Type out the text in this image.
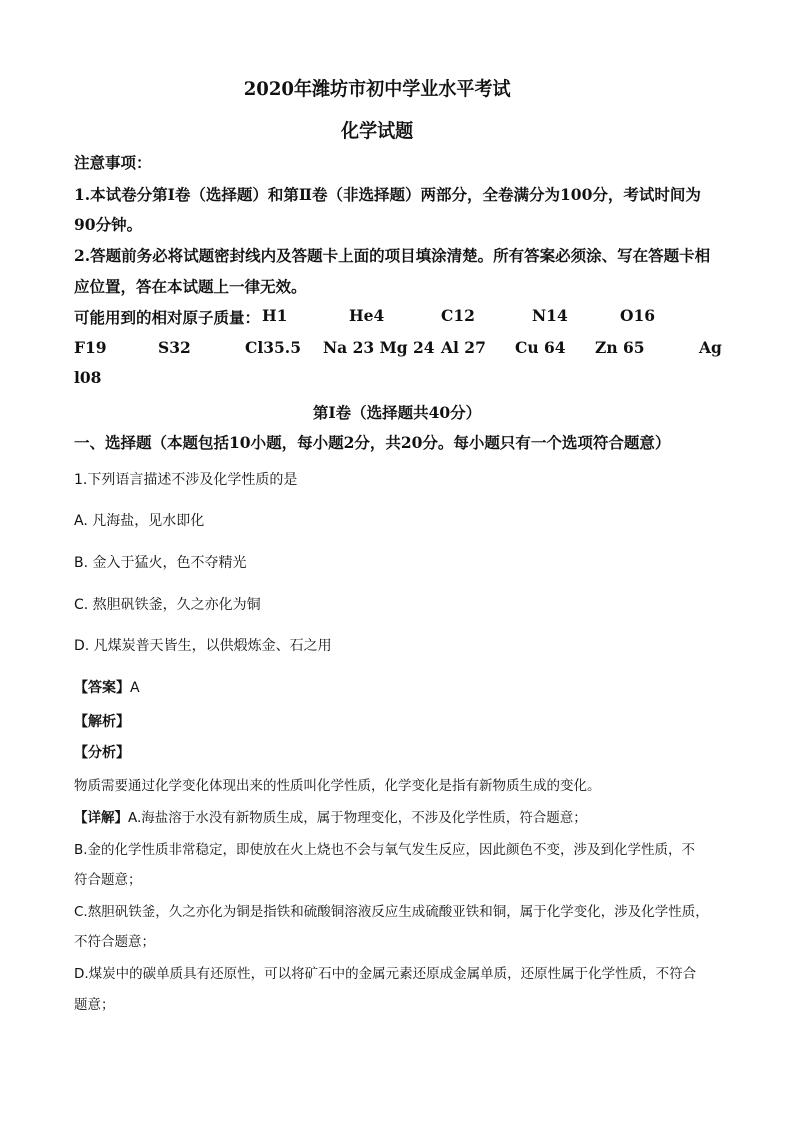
2020年潍坊市初中学业水平考试
化学试题
注意事项：
1.本试卷分第Ⅰ卷（选择题）和第Ⅱ卷（非选择题）两部分，全卷满分为100分，考试时间为
90分钟。
2.答题前务必将试题密封线内及答题卡上面的项目填涂清楚。所有答案必须涂、写在答题卡相
应位置，答在本试题上一律无效。
可能用到的相对原子质量： H1	He4	C12	N14	O16
F19	S32	Cl35.5 Na 23 Mg 24 Al 27 Cu 64 Zn 65	Ag
l08
第Ⅰ卷（选择题共40分）
一、选择题（本题包括10小题，每小题2分，共20分。每小题只有一个选项符合题意）
1.下列语言描述不涉及化学性质的是
A. 凡海盐，见水即化
B. 金入于猛火，色不夺精光
C. 熬胆矾铁釜，久之亦化为铜
D. 凡煤炭普天皆生，以供煅炼金、石之用
【答案】A
【解析】
【分析】
物质需要通过化学变化体现出来的性质叫化学性质，化学变化是指有新物质生成的变化。
【详解】A.海盐溶于水没有新物质生成，属于物理变化，不涉及化学性质，符合题意；
B.金的化学性质非常稳定，即使放在火上烧也不会与氧气发生反应，因此颜色不变，涉及到化学性质，不
符合题意；
C.熬胆矾铁釜，久之亦化为铜是指铁和硫酸铜溶液反应生成硫酸亚铁和铜，属于化学变化，涉及化学性质，
不符合题意；
D.煤炭中的碳单质具有还原性，可以将矿石中的金属元素还原成金属单质，还原性属于化学性质，不符合
题意；
